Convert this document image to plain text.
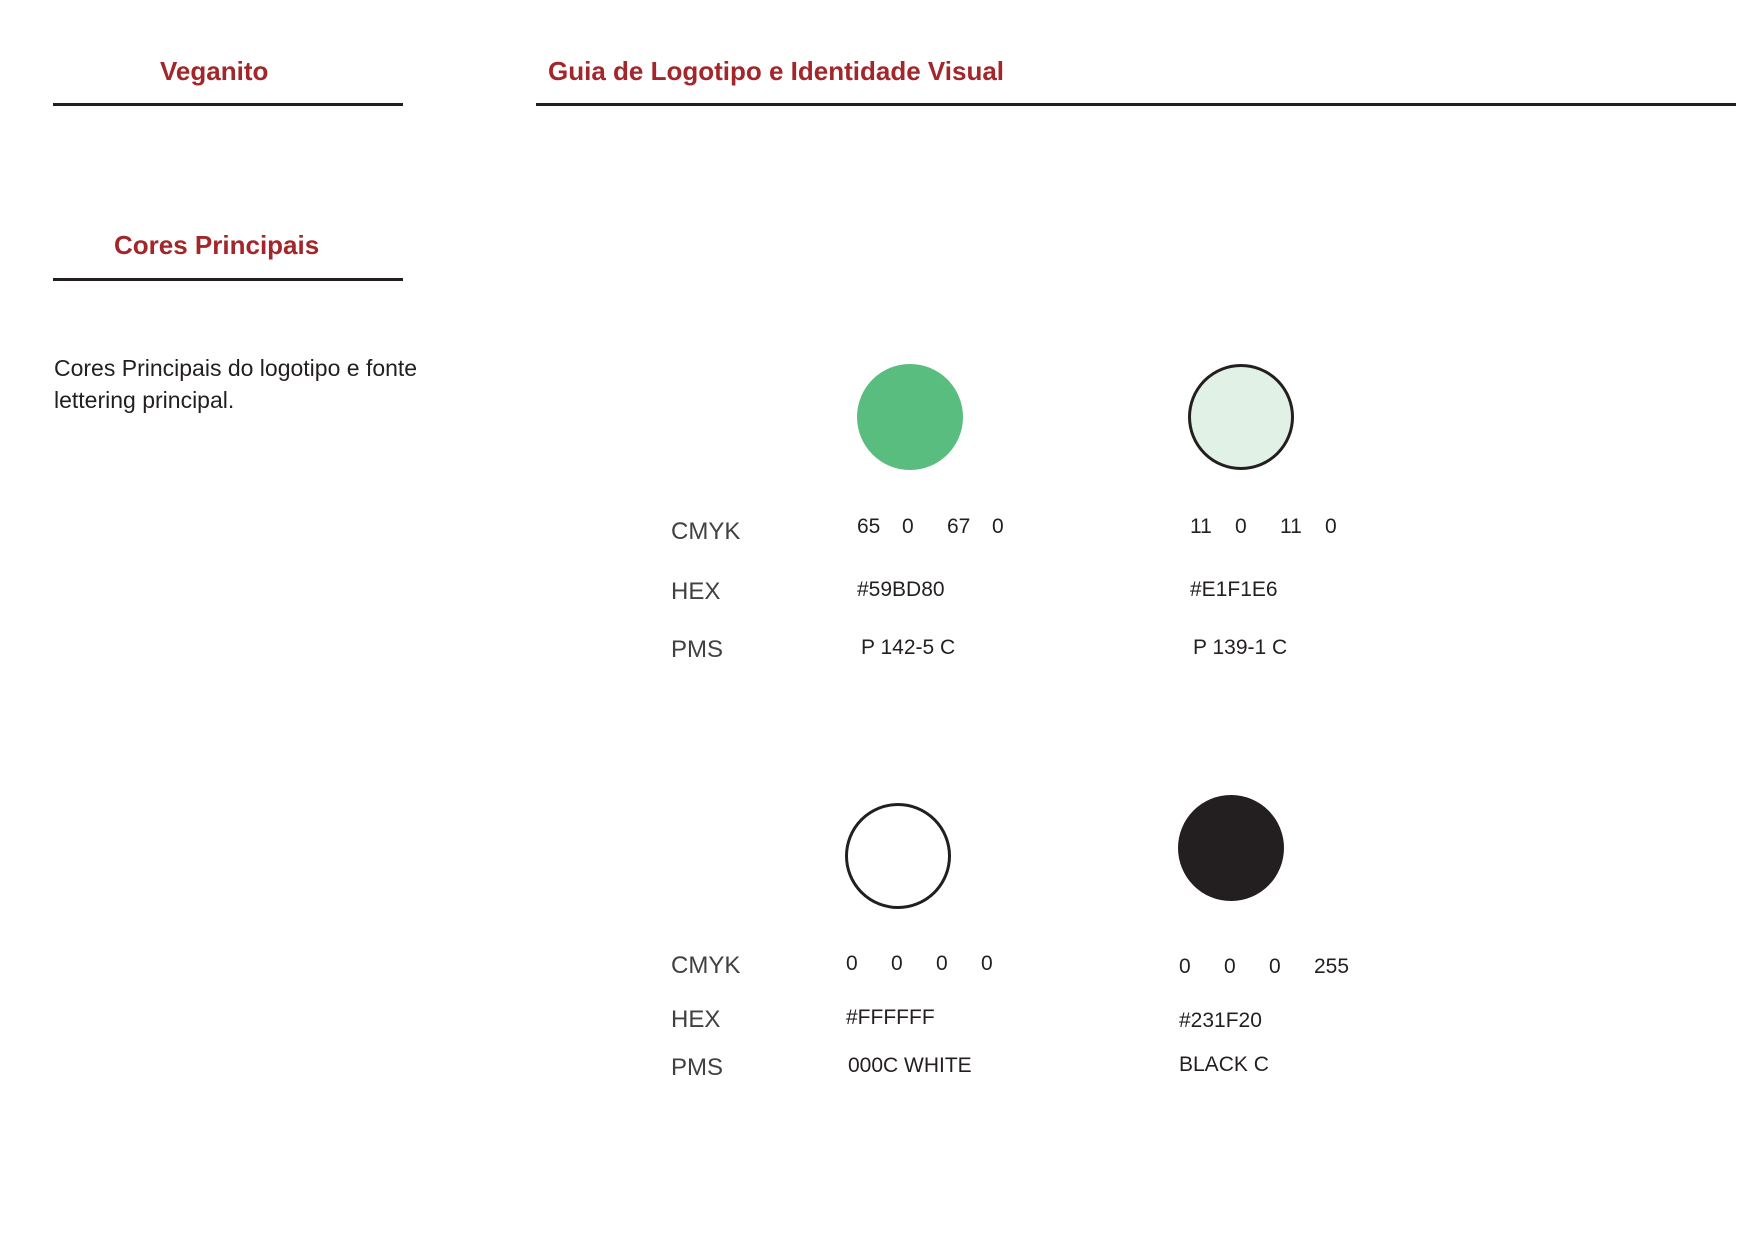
Veganito	Guia de Logotipo e Identidade Visual
Cores Principais
Cores Principais do logotipo e fonte lettering principal.
CMYK
HEX
PMS
65 0 67 0
#59BD80
P 142-5 C
11 0 11 0
#E1F1E6
P 139-1 C
CMYK
HEX
PMS
0 0 0 0
#FFFFFF
000C WHITE
0 0 0 255
#231F20
BLACK C
